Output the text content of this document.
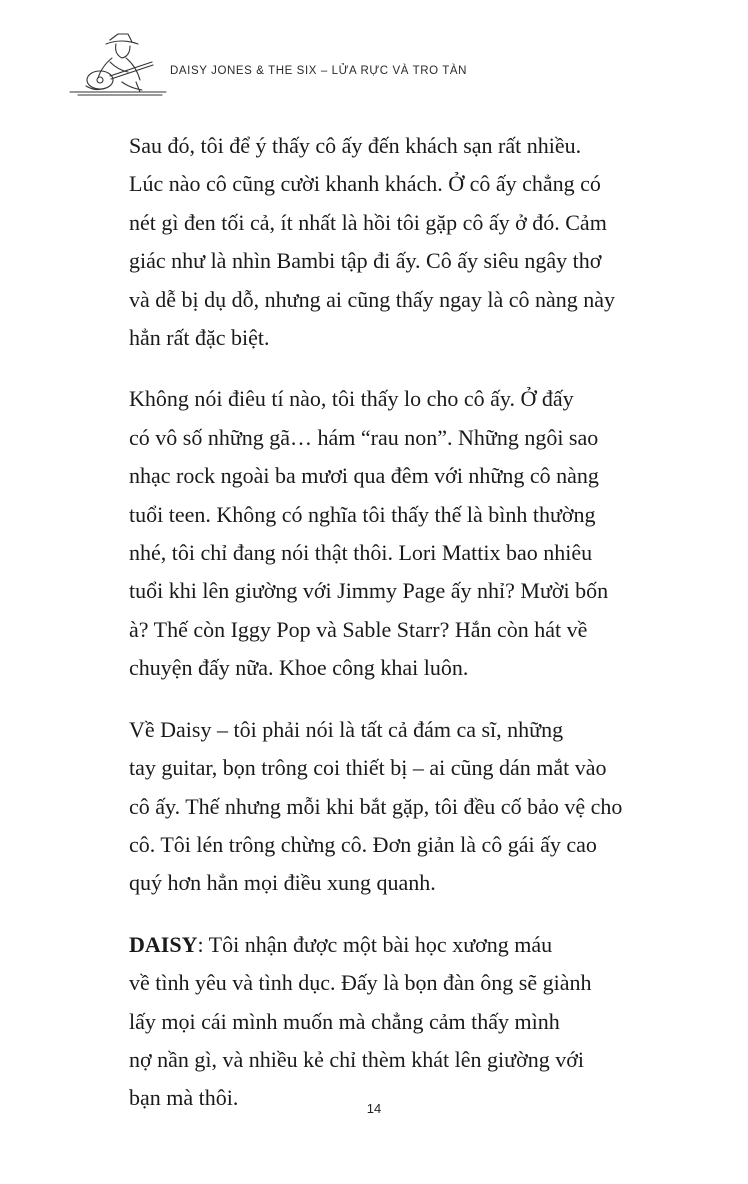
DAISY JONES & THE SIX – LỬA RỰC VÀ TRO TÀN

Sau đó, tôi để ý thấy cô ấy đến khách sạn rất nhiều.
Lúc nào cô cũng cười khanh khách. Ở cô ấy chẳng có
nét gì đen tối cả, ít nhất là hồi tôi gặp cô ấy ở đó. Cảm
giác như là nhìn Bambi tập đi ấy. Cô ấy siêu ngây thơ
và dễ bị dụ dỗ, nhưng ai cũng thấy ngay là cô nàng này
hẳn rất đặc biệt.

Không nói điêu tí nào, tôi thấy lo cho cô ấy. Ở đấy
có vô số những gã… hám “rau non”. Những ngôi sao
nhạc rock ngoài ba mươi qua đêm với những cô nàng
tuổi teen. Không có nghĩa tôi thấy thế là bình thường
nhé, tôi chỉ đang nói thật thôi. Lori Mattix bao nhiêu
tuổi khi lên giường với Jimmy Page ấy nhỉ? Mười bốn
à? Thế còn Iggy Pop và Sable Starr? Hắn còn hát về
chuyện đấy nữa. Khoe công khai luôn.

Về Daisy – tôi phải nói là tất cả đám ca sĩ, những
tay guitar, bọn trông coi thiết bị – ai cũng dán mắt vào
cô ấy. Thế nhưng mỗi khi bắt gặp, tôi đều cố bảo vệ cho
cô. Tôi lén trông chừng cô. Đơn giản là cô gái ấy cao
quý hơn hẳn mọi điều xung quanh.

DAISY: Tôi nhận được một bài học xương máu
về tình yêu và tình dục. Đấy là bọn đàn ông sẽ giành
lấy mọi cái mình muốn mà chẳng cảm thấy mình
nợ nần gì, và nhiều kẻ chỉ thèm khát lên giường với
bạn mà thôi.	14
